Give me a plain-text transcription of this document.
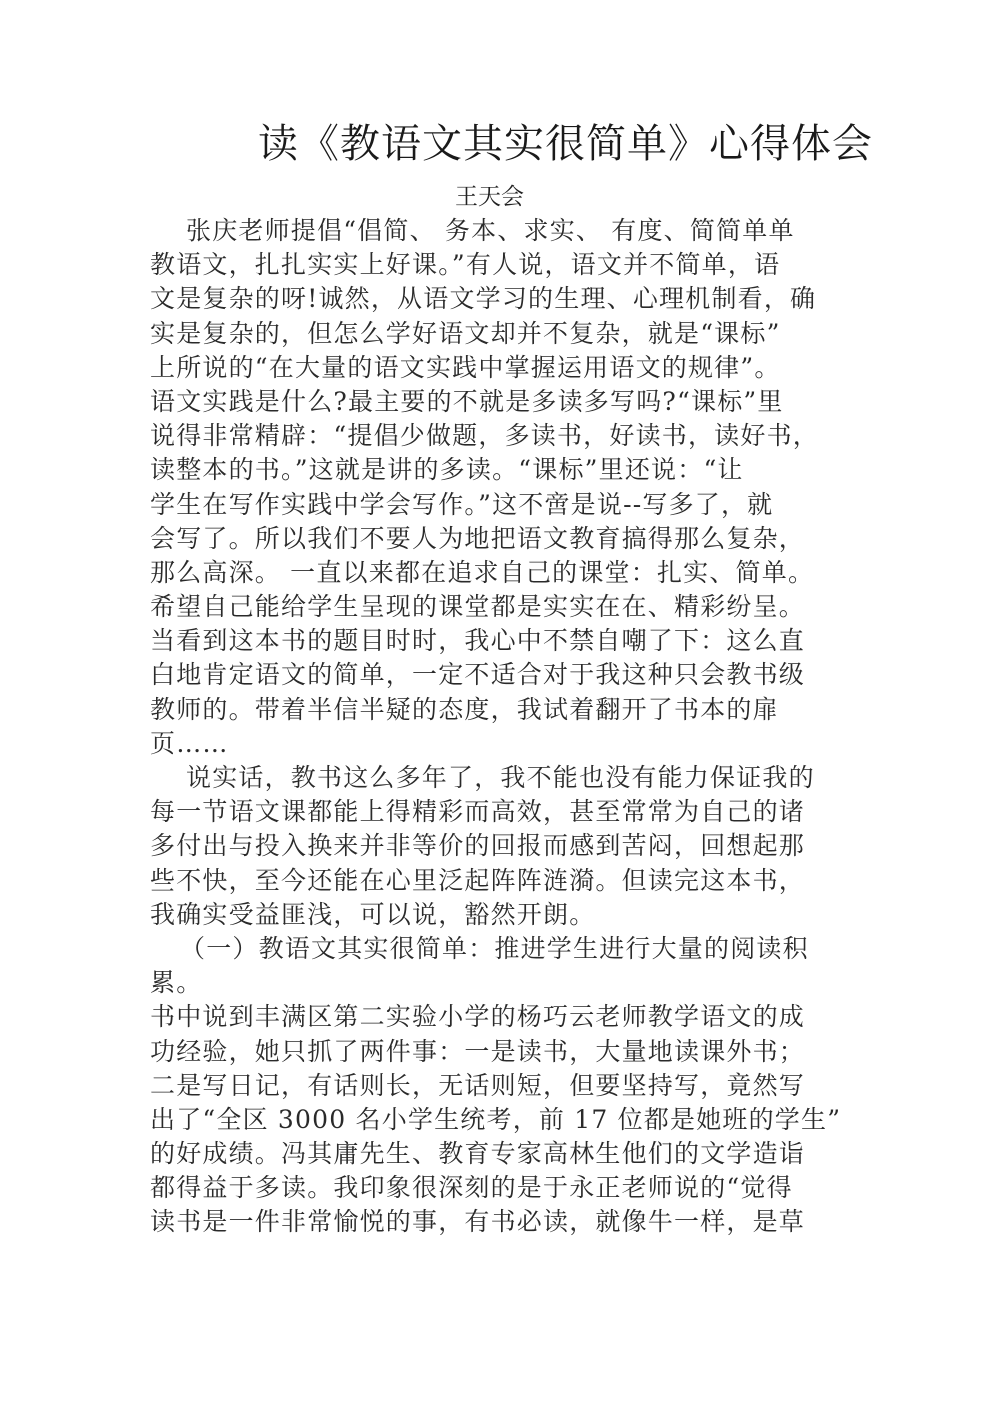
读《教语文其实很简单》心得体会
王天会
张庆老师提倡“倡简、 务本、求实、 有度、简简单单
教语文，扎扎实实上好课。”有人说，语文并不简单，语
文是复杂的呀!诚然，从语文学习的生理、心理机制看，确
实是复杂的，但怎么学好语文却并不复杂，就是“课标”
上所说的“在大量的语文实践中掌握运用语文的规律”。
语文实践是什么?最主要的不就是多读多写吗?“课标”里
说得非常精辟：“提倡少做题，多读书，好读书，读好书，
读整本的书。”这就是讲的多读。“课标”里还说：“让
学生在写作实践中学会写作。”这不啻是说--写多了，就
会写了。所以我们不要人为地把语文教育搞得那么复杂，
那么高深。 一直以来都在追求自己的课堂：扎实、简单。
希望自己能给学生呈现的课堂都是实实在在、精彩纷呈。
当看到这本书的题目时时，我心中不禁自嘲了下：这么直
白地肯定语文的简单，一定不适合对于我这种只会教书级
教师的。带着半信半疑的态度，我试着翻开了书本的扉
页……
说实话，教书这么多年了，我不能也没有能力保证我的
每一节语文课都能上得精彩而高效，甚至常常为自己的诸
多付出与投入换来并非等价的回报而感到苦闷，回想起那
些不快，至今还能在心里泛起阵阵涟漪。但读完这本书，
我确实受益匪浅，可以说，豁然开朗。
（一）教语文其实很简单：推进学生进行大量的阅读积
累。
书中说到丰满区第二实验小学的杨巧云老师教学语文的成
功经验，她只抓了两件事：一是读书，大量地读课外书；
二是写日记，有话则长，无话则短，但要坚持写，竟然写
出了“全区 3000 名小学生统考，前 17 位都是她班的学生”
的好成绩。冯其庸先生、教育专家高林生他们的文学造诣
都得益于多读。我印象很深刻的是于永正老师说的“觉得
读书是一件非常愉悦的事，有书必读，就像牛一样，是草
